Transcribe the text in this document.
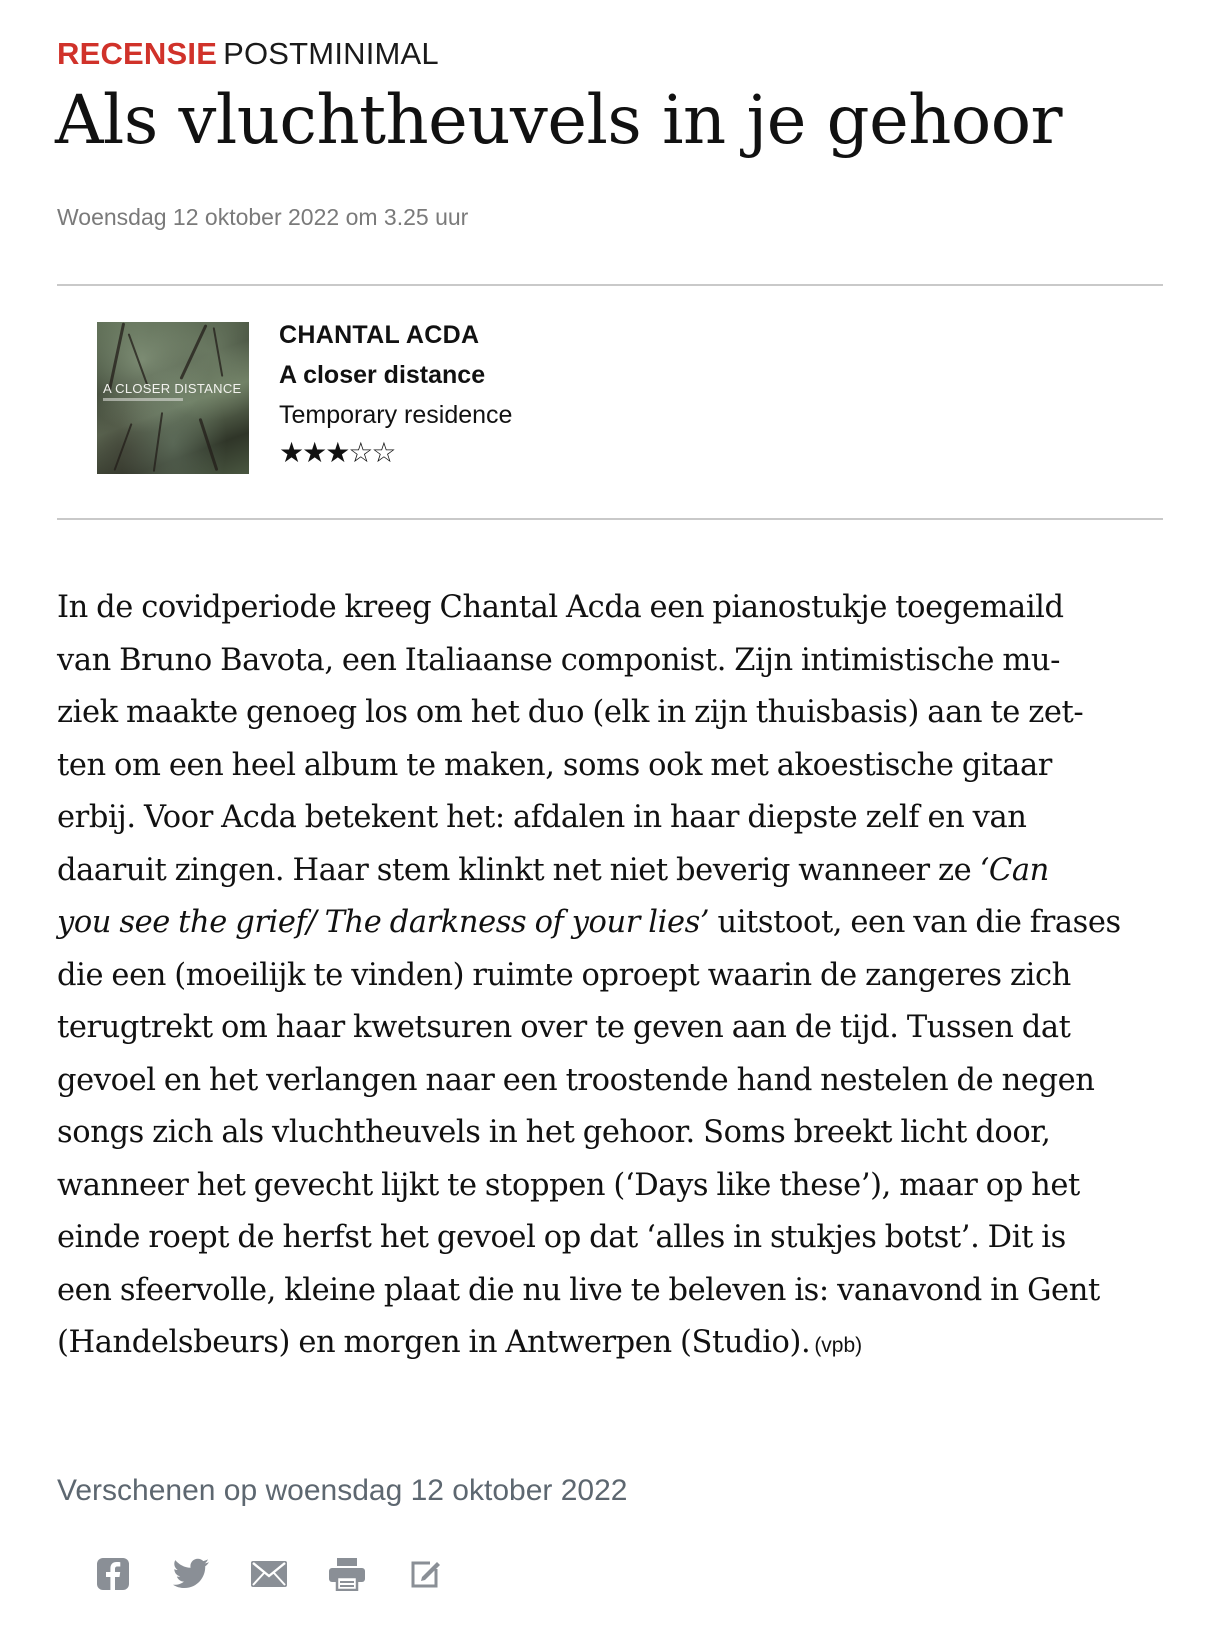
RECENSIE POSTMINIMAL
Als vluchtheuvels in je gehoor
Woensdag 12 oktober 2022 om 3.25 uur
A CLOSER DISTANCE
CHANTAL ACDA
A closer distance
Temporary residence
★★★☆☆
In de covidperiode kreeg Chantal Acda een pianostukje toegemaild
van Bruno Bavota, een Italiaanse componist. Zijn intimistische mu-
ziek maakte genoeg los om het duo (elk in zijn thuisbasis) aan te zet-
ten om een heel album te maken, soms ook met akoestische gitaar
erbij. Voor Acda betekent het: afdalen in haar diepste zelf en van
daaruit zingen. Haar stem klinkt net niet beverig wanneer ze ‘Can
you see the grief/ The darkness of your lies’ uitstoot, een van die frases
die een (moeilijk te vinden) ruimte oproept waarin de zangeres zich
terugtrekt om haar kwetsuren over te geven aan de tijd. Tussen dat
gevoel en het verlangen naar een troostende hand nestelen de negen
songs zich als vluchtheuvels in het gehoor. Soms breekt licht door,
wanneer het gevecht lijkt te stoppen (‘Days like these’), maar op het
einde roept de herfst het gevoel op dat ‘alles in stukjes botst’. Dit is
een sfeervolle, kleine plaat die nu live te beleven is: vanavond in Gent
(Handelsbeurs) en morgen in Antwerpen (Studio). (vpb)
Verschenen op woensdag 12 oktober 2022
